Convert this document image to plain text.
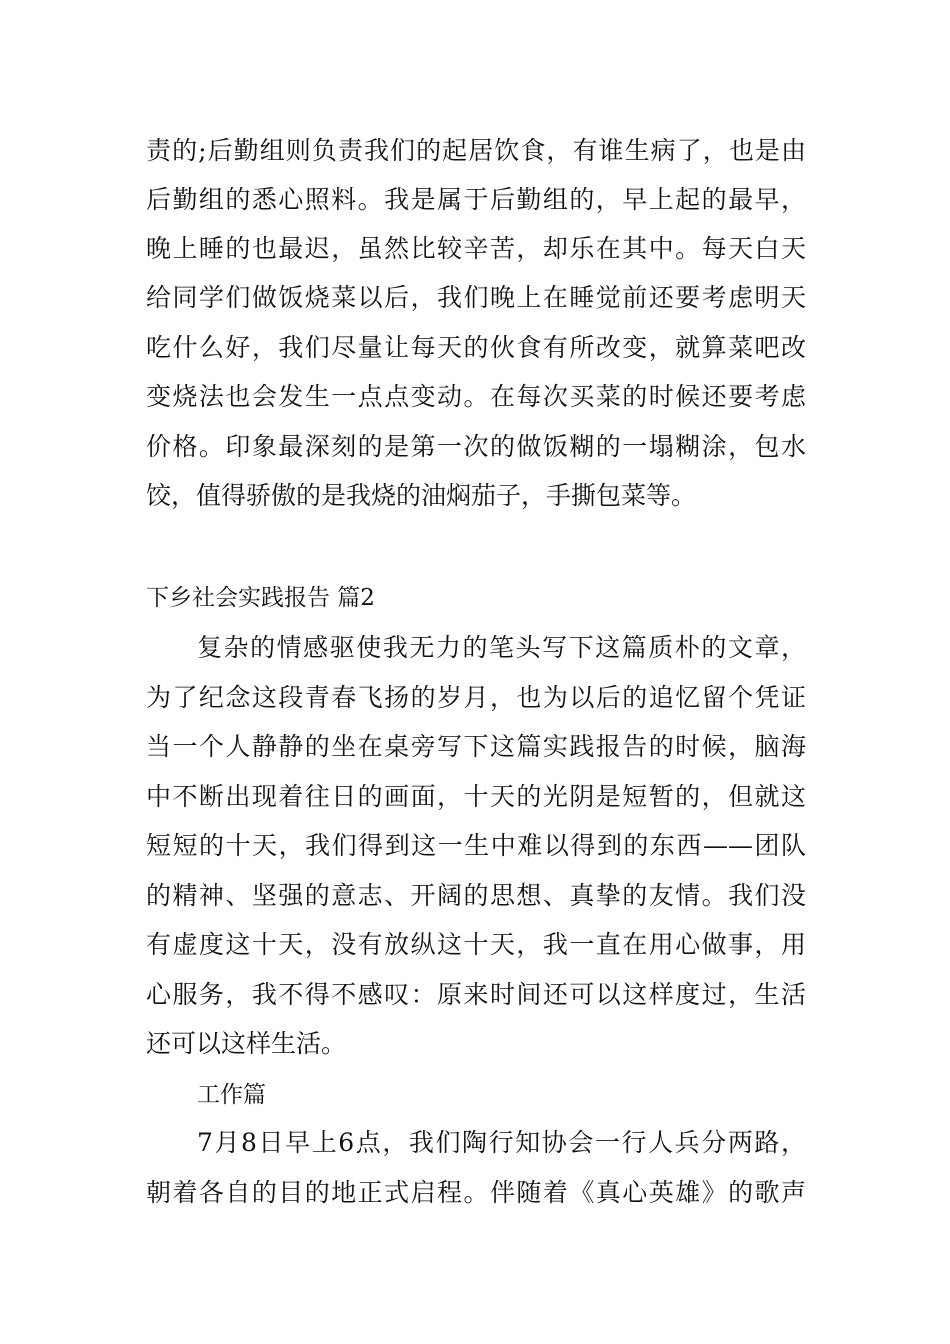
责的;后勤组则负责我们的起居饮食，有谁生病了，也是由
后勤组的悉心照料。我是属于后勤组的，早上起的最早，
晚上睡的也最迟，虽然比较辛苦，却乐在其中。每天白天
给同学们做饭烧菜以后，我们晚上在睡觉前还要考虑明天
吃什么好，我们尽量让每天的伙食有所改变，就算菜吧改
变烧法也会发生一点点变动。在每次买菜的时候还要考虑
价格。印象最深刻的是第一次的做饭糊的一塌糊涂，包水
饺，值得骄傲的是我烧的油焖茄子，手撕包菜等。
下乡社会实践报告 篇2
复杂的情感驱使我无力的笔头写下这篇质朴的文章，
为了纪念这段青春飞扬的岁月，也为以后的追忆留个凭证
当一个人静静的坐在桌旁写下这篇实践报告的时候，脑海
中不断出现着往日的画面，十天的光阴是短暂的，但就这
短短的十天，我们得到这一生中难以得到的东西——团队
的精神、坚强的意志、开阔的思想、真挚的友情。我们没
有虚度这十天，没有放纵这十天，我一直在用心做事，用
心服务，我不得不感叹：原来时间还可以这样度过，生活
还可以这样生活。
工作篇
7月8日早上6点，我们陶行知协会一行人兵分两路，
朝着各自的目的地正式启程。伴随着《真心英雄》的歌声
